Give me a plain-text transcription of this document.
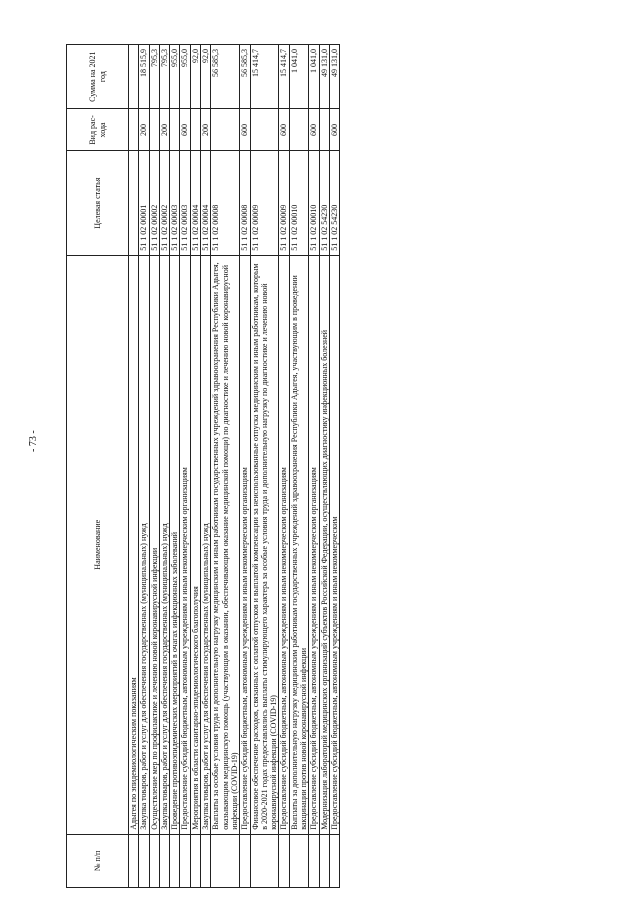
- 73 -
№ п/п	Наименование	Целевая статья	Вид рас-хода	Сумма на 2021 год
	Адыгея по эпидемиологическим показаниям			
	Закупка товаров, работ и услуг для обеспечения государственных (муниципальных) нужд	51 1 02 00001	200	18 515,9
	Осуществление мер по профилактике и лечению новой коронавирусной инфекции	51 1 02 00002		795,3
	Закупка товаров, работ и услуг для обеспечения государственных (муниципальных) нужд	51 1 02 00002	200	795,3
	Проведение противоэпидемических мероприятий в очагах инфекционных заболеваний	51 1 02 00003		955,0
	Предоставление субсидий бюджетным, автономным учреждениям и иным некоммерческим организациям	51 1 02 00003	600	955,0
	Мероприятия в области санитарно-эпидемиологического благополучия	51 1 02 00004		92,0
	Закупка товаров, работ и услуг для обеспечения государственных (муниципальных) нужд	51 1 02 00004	200	92,0
	Выплаты за особые условия труда и дополнительную нагрузку медицинским и иным работникам государственных учреждений здравоохранения Республики Адыгея, оказывающим медицинскую помощь (участвующим в оказании, обеспечивающим оказание медицинской помощи) по диагностике и лечению новой коронавирусной инфекции (COVID-19)	51 1 02 00008		56 585,3
	Предоставление субсидий бюджетным, автономным учреждениям и иным некоммерческим организациям	51 1 02 00008	600	56 585,3
	Финансовое обеспечение расходов, связанных с оплатой отпусков и выплатой компенсации за неиспользованные отпуска медицинским и иным работникам, которым в 2020-2021 годах предоставлялись выплаты стимулирующего характера за особые условия труда и дополнительную нагрузку по диагностике и лечению новой коронавирусной инфекции (COVID-19)	51 1 02 00009		15 414,7
	Предоставление субсидий бюджетным, автономным учреждениям и иным некоммерческим организациям	51 1 02 00009	600	15 414,7
	Выплаты за дополнительную нагрузку медицинским работникам государственных учреждений здравоохранения Республики Адыгея, участвующим в проведении вакцинации против новой коронавирусной инфекции	51 1 02 00010		1 041,0
	Предоставление субсидий бюджетным, автономным учреждениям и иным некоммерческим организациям	51 1 02 00010	600	1 041,0
	Модернизация лабораторий медицинских организаций субъектов Российской Федерации, осуществляющих диагностику инфекционных болезней	51 1 02 54230		49 131,0
	Предоставление субсидий бюджетным, автономным учреждениям и иным некоммерческим	51 1 02 54230	600	49 131,0
